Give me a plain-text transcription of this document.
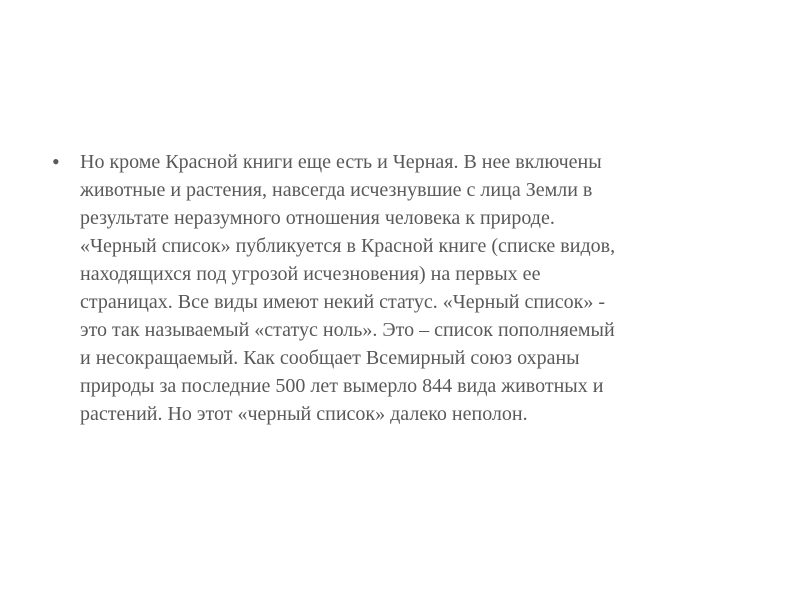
• Но кроме Красной книги еще есть и Черная. В нее включены
животные и растения, навсегда исчезнувшие с лица Земли в
результате неразумного отношения человека к природе.
«Черный список» публикуется в Красной книге (списке видов,
находящихся под угрозой исчезновения) на первых ее
страницах. Все виды имеют некий статус. «Черный список» -
это так называемый «статус ноль». Это – список пополняемый
и несокращаемый. Как сообщает Всемирный союз охраны
природы за последние 500 лет вымерло 844 вида животных и
растений. Но этот «черный список» далеко неполон.
